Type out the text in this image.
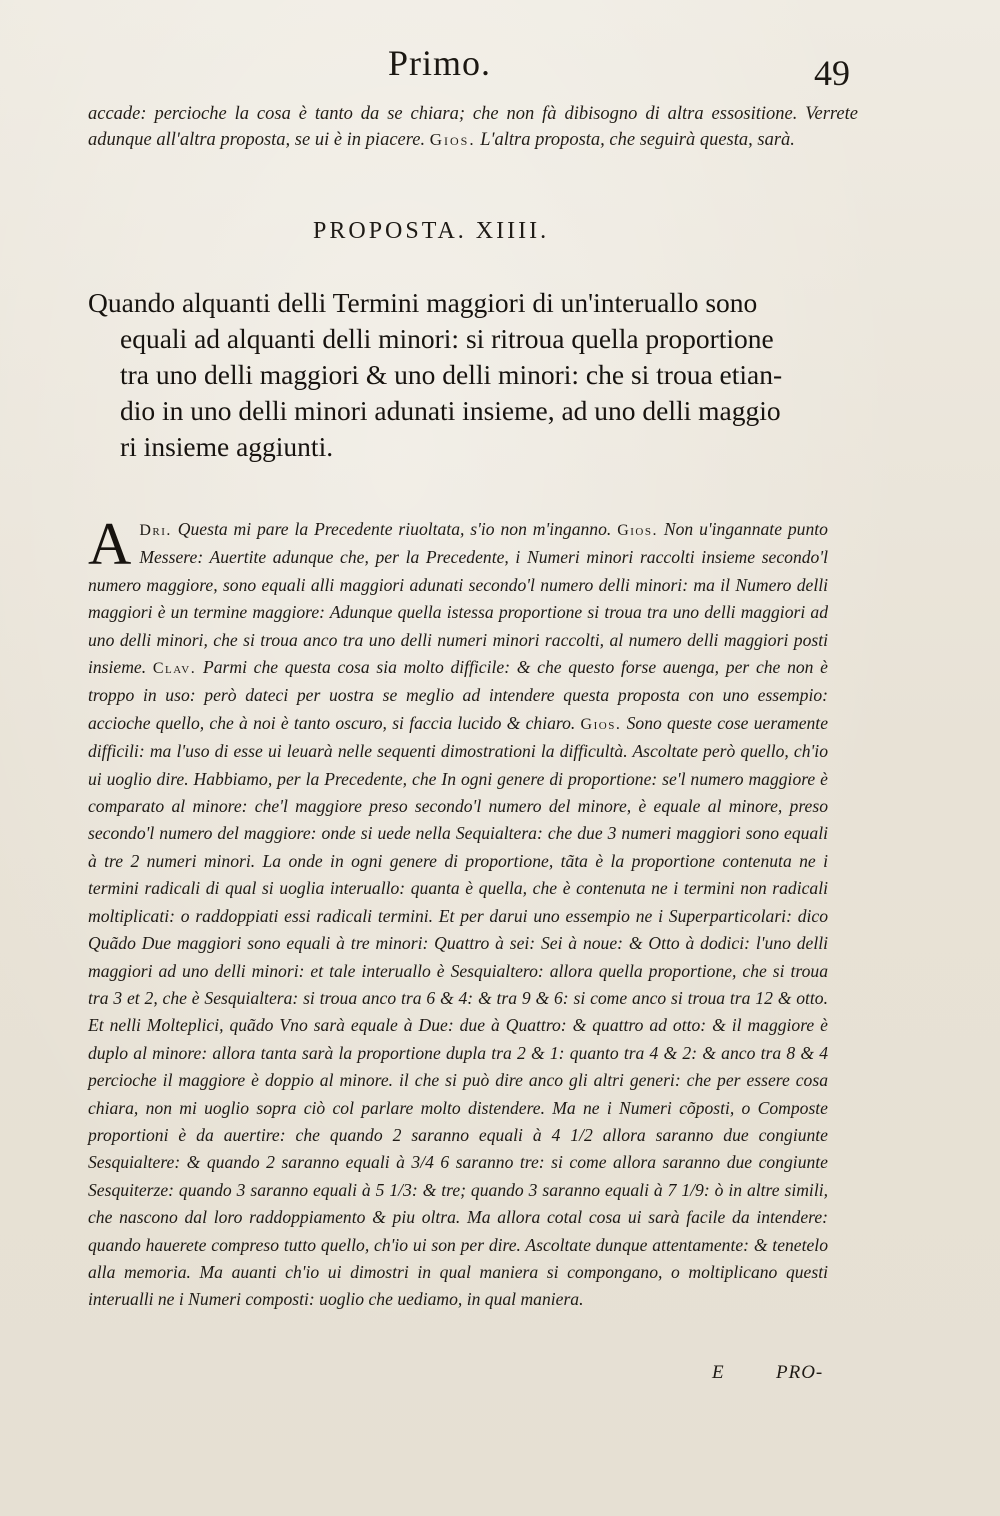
Primo.	49
accade: percioche la cosa è tanto da se chiara; che non fà dibisogno di altra essositione. Verrete adunque all'altra proposta, se ui è in piacere. Gios. L'altra proposta, che seguirà questa, sarà.
PROPOSTA. XIIII.
Quando alquanti delli Termini maggiori di un'interuallo sono
equali ad alquanti delli minori: si ritroua quella proportione
tra uno delli maggiori & uno delli minori: che si troua etian-
dio in uno delli minori adunati insieme, ad uno delli maggio
ri insieme aggiunti.
A Dri. Questa mi pare la Precedente riuoltata, s'io non m'inganno. Gios. Non u'ingannate punto Messere: Auertite adunque che, per la Precedente, i Numeri minori raccolti insieme secondo'l numero maggiore, sono equali alli maggiori adunati secondo'l numero delli minori: ma il Numero delli maggiori è un termine maggiore: Adunque quella istessa proportione si troua tra uno delli maggiori ad uno delli minori, che si troua anco tra uno delli numeri minori raccolti, al numero delli maggiori posti insieme. Clav. Parmi che questa cosa sia molto difficile: & che questo forse auenga, per che non è troppo in uso: però dateci per uostra se meglio ad intendere questa proposta con uno essempio: accioche quello, che à noi è tanto oscuro, si faccia lucido & chiaro. Gios. Sono queste cose ueramente difficili: ma l'uso di esse ui leuarà nelle sequenti dimostrationi la difficultà. Ascoltate però quello, ch'io ui uoglio dire. Habbiamo, per la Precedente, che In ogni genere di proportione: se'l numero maggiore è comparato al minore: che'l maggiore preso secondo'l numero del minore, è equale al minore, preso secondo'l numero del maggiore: onde si uede nella Sequialtera: che due 3 numeri maggiori sono equali à tre 2 numeri minori. La onde in ogni genere di proportione, tãta è la proportione contenuta ne i termini radicali di qual si uoglia interuallo: quanta è quella, che è contenuta ne i termini non radicali moltiplicati: o raddoppiati essi radicali termini. Et per darui uno essempio ne i Superparticolari: dico Quãdo Due maggiori sono equali à tre minori: Quattro à sei: Sei à noue: & Otto à dodici: l'uno delli maggiori ad uno delli minori: et tale interuallo è Sesquialtero: allora quella proportione, che si troua tra 3 et 2, che è Sesquialtera: si troua anco tra 6 & 4: & tra 9 & 6: si come anco si troua tra 12 & otto. Et nelli Molteplici, quãdo Vno sarà equale à Due: due à Quattro: & quattro ad otto: & il maggiore è duplo al minore: allora tanta sarà la proportione dupla tra 2 & 1: quanto tra 4 & 2: & anco tra 8 & 4 percioche il maggiore è doppio al minore. il che si può dire anco gli altri generi: che per essere cosa chiara, non mi uoglio sopra ciò col parlare molto distendere. Ma ne i Numeri cõposti, o Composte proportioni è da auertire: che quando 2 saranno equali à 4 1/2 allora saranno due congiunte Sesquialtere: & quando 2 saranno equali à 3/4 6 saranno tre: si come allora saranno due congiunte Sesquiterze: quando 3 saranno equali à 5 1/3: & tre; quando 3 saranno equali à 7 1/9: ò in altre simili, che nascono dal loro raddoppiamento & piu oltra. Ma allora cotal cosa ui sarà facile da intendere: quando hauerete compreso tutto quello, ch'io ui son per dire. Ascoltate dunque attentamente: & tenetelo alla memoria. Ma auanti ch'io ui dimostri in qual maniera si compongano, o moltiplicano questi interualli ne i Numeri composti: uoglio che uediamo, in qual maniera.
E	PRO-
